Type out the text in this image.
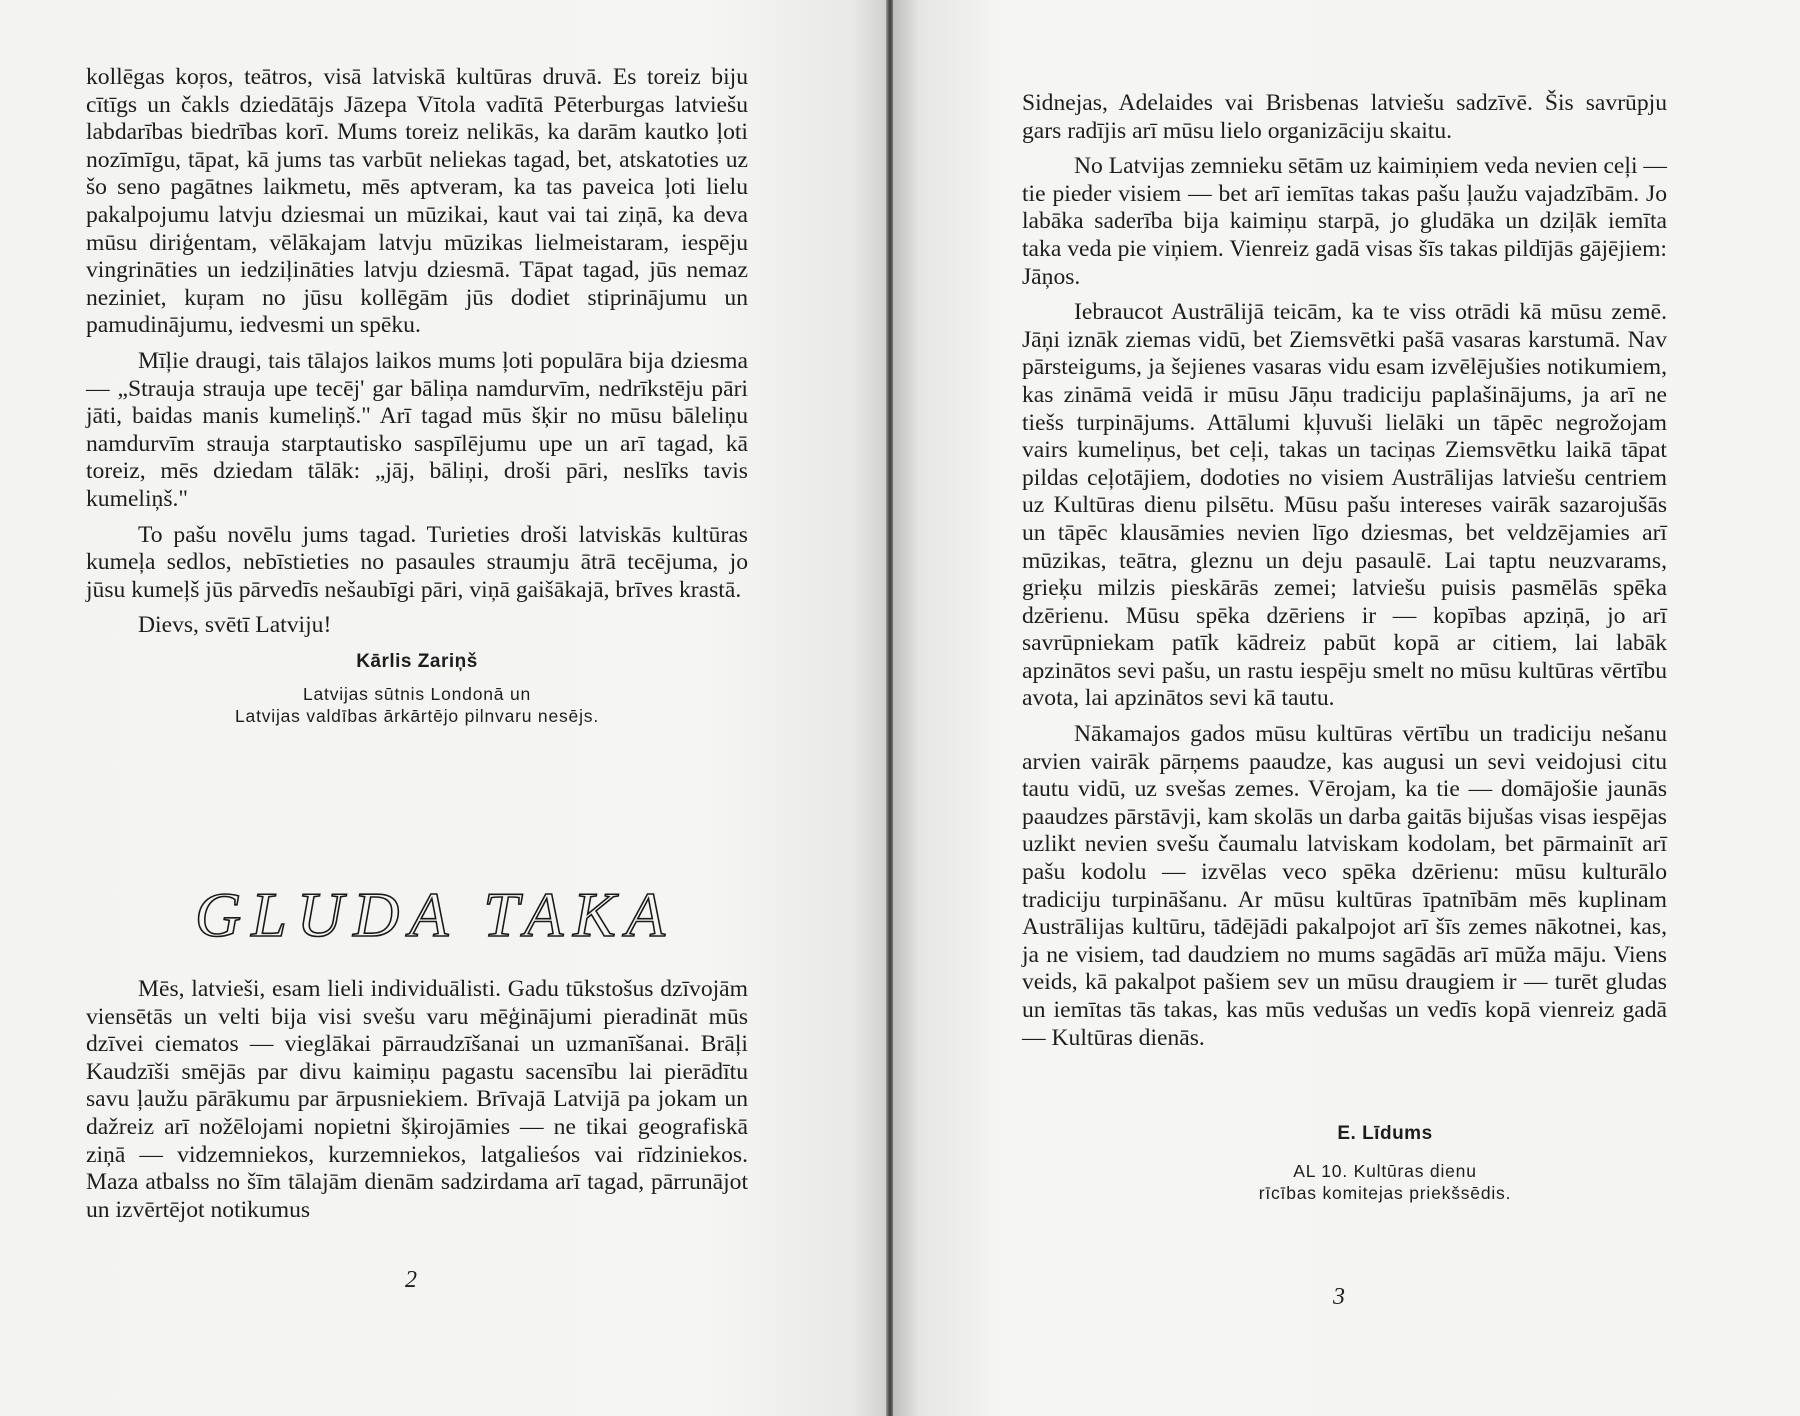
kollēgas koŗos, teātros, visā latviskā kultūras druvā. Es toreiz biju cītīgs un čakls dziedātājs Jāzepa Vītola vadītā Pēterburgas latviešu labdarības biedrības korī. Mums toreiz nelikās, ka darām kautko ļoti nozīmīgu, tāpat, kā jums tas varbūt neliekas tagad, bet, atskatoties uz šo seno pagātnes laikmetu, mēs aptveram, ka tas paveica ļoti lielu pakalpojumu latvju dziesmai un mūzikai, kaut vai tai ziņā, ka deva mūsu diriģentam, vēlākajam latvju mūzikas lielmeistaram, iespēju vingrināties un iedziļināties latvju dziesmā. Tāpat tagad, jūs nemaz neziniet, kuŗam no jūsu kollēgām jūs dodiet stiprinājumu un pamudinājumu, iedvesmi un spēku.

Mīļie draugi, tais tālajos laikos mums ļoti populāra bija dziesma — „Strauja strauja upe tecēj' gar bāliņa namdurvīm, nedrīkstēju pāri jāti, baidas manis kumeliņš." Arī tagad mūs šķir no mūsu bāleliņu namdurvīm strauja starptautisko saspīlējumu upe un arī tagad, kā toreiz, mēs dziedam tālāk: „jāj, bāliņi, droši pāri, neslīks tavis kumeliņš."

To pašu novēlu jums tagad. Turieties droši latviskās kultūras kumeļa sedlos, nebīstieties no pasaules straumju ātrā tecējuma, jo jūsu kumeļš jūs pārvedīs nešaubīgi pāri, viņā gaišākajā, brīves krastā.

Dievs, svētī Latviju!

Kārlis Zariņš
Latvijas sūtnis Londonā un
Latvijas valdības ārkārtējo pilnvaru nesējs.
GLUDA TAKA

Mēs, latvieši, esam lieli individuālisti. Gadu tūkstošus dzīvojām viensētās un velti bija visi svešu varu mēģinājumi pieradināt mūs dzīvei ciematos — vieglākai pārraudzīšanai un uzmanīšanai. Brāļi Kaudzīši smējās par divu kaimiņu pagastu sacensību lai pierādītu savu ļaužu pārākumu par ārpusniekiem. Brīvajā Latvijā pa jokam un dažreiz arī nožēlojami nopietni šķirojāmies — ne tikai geografiskā ziņā — vidzemniekos, kurzemniekos, latgalieśos vai rīdziniekos. Maza atbalss no šīm tālajām dienām sadzirdama arī tagad, pārrunājot un izvērtējot notikumus

2

Sidnejas, Adelaides vai Brisbenas latviešu sadzīvē. Šis savrūpju gars radījis arī mūsu lielo organizāciju skaitu.

No Latvijas zemnieku sētām uz kaimiņiem veda nevien ceļi — tie pieder visiem — bet arī iemītas takas pašu ļaužu vajadzībām. Jo labāka saderība bija kaimiņu starpā, jo gludāka un dziļāk iemīta taka veda pie viņiem. Vienreiz gadā visas šīs takas pildījās gājējiem: Jāņos.

Iebraucot Austrālijā teicām, ka te viss otrādi kā mūsu zemē. Jāņi iznāk ziemas vidū, bet Ziemsvētki pašā vasaras karstumā. Nav pārsteigums, ja šejienes vasaras vidu esam izvēlējušies notikumiem, kas zināmā veidā ir mūsu Jāņu tradiciju paplašinājums, ja arī ne tiešs turpinājums. Attālumi kļuvuši lielāki un tāpēc negrožojam vairs kumeliņus, bet ceļi, takas un taciņas Ziemsvētku laikā tāpat pildas ceļotājiem, dodoties no visiem Austrālijas latviešu centriem uz Kultūras dienu pilsētu. Mūsu pašu intereses vairāk sazarojušās un tāpēc klausāmies nevien līgo dziesmas, bet veldzējamies arī mūzikas, teātra, gleznu un deju pasaulē. Lai taptu neuzvarams, grieķu milzis pieskārās zemei; latviešu puisis pasmēlās spēka dzērienu. Mūsu spēka dzēriens ir — kopības apziņā, jo arī savrūpniekam patīk kādreiz pabūt kopā ar citiem, lai labāk apzinātos sevi pašu, un rastu iespēju smelt no mūsu kultūras vērtību avota, lai apzinātos sevi kā tautu.

Nākamajos gados mūsu kultūras vērtību un tradiciju nešanu arvien vairāk pārņems paaudze, kas augusi un sevi veidojusi citu tautu vidū, uz svešas zemes. Vērojam, ka tie — domājošie jaunās paaudzes pārstāvji, kam skolās un darba gaitās bijušas visas iespējas uzlikt nevien svešu čaumalu latviskam kodolam, bet pārmainīt arī pašu kodolu — izvēlas veco spēka dzērienu: mūsu kulturālo tradiciju turpināšanu. Ar mūsu kultūras īpatnībām mēs kuplinam Austrālijas kultūru, tādējādi pakalpojot arī šīs zemes nākotnei, kas, ja ne visiem, tad daudziem no mums sagādās arī mūža māju. Viens veids, kā pakalpot pašiem sev un mūsu draugiem ir — turēt gludas un iemītas tās takas, kas mūs vedušas un vedīs kopā vienreiz gadā — Kultūras dienās.

E. Līdums
AL 10. Kultūras dienu
rīcības komitejas priekšsēdis.
3
